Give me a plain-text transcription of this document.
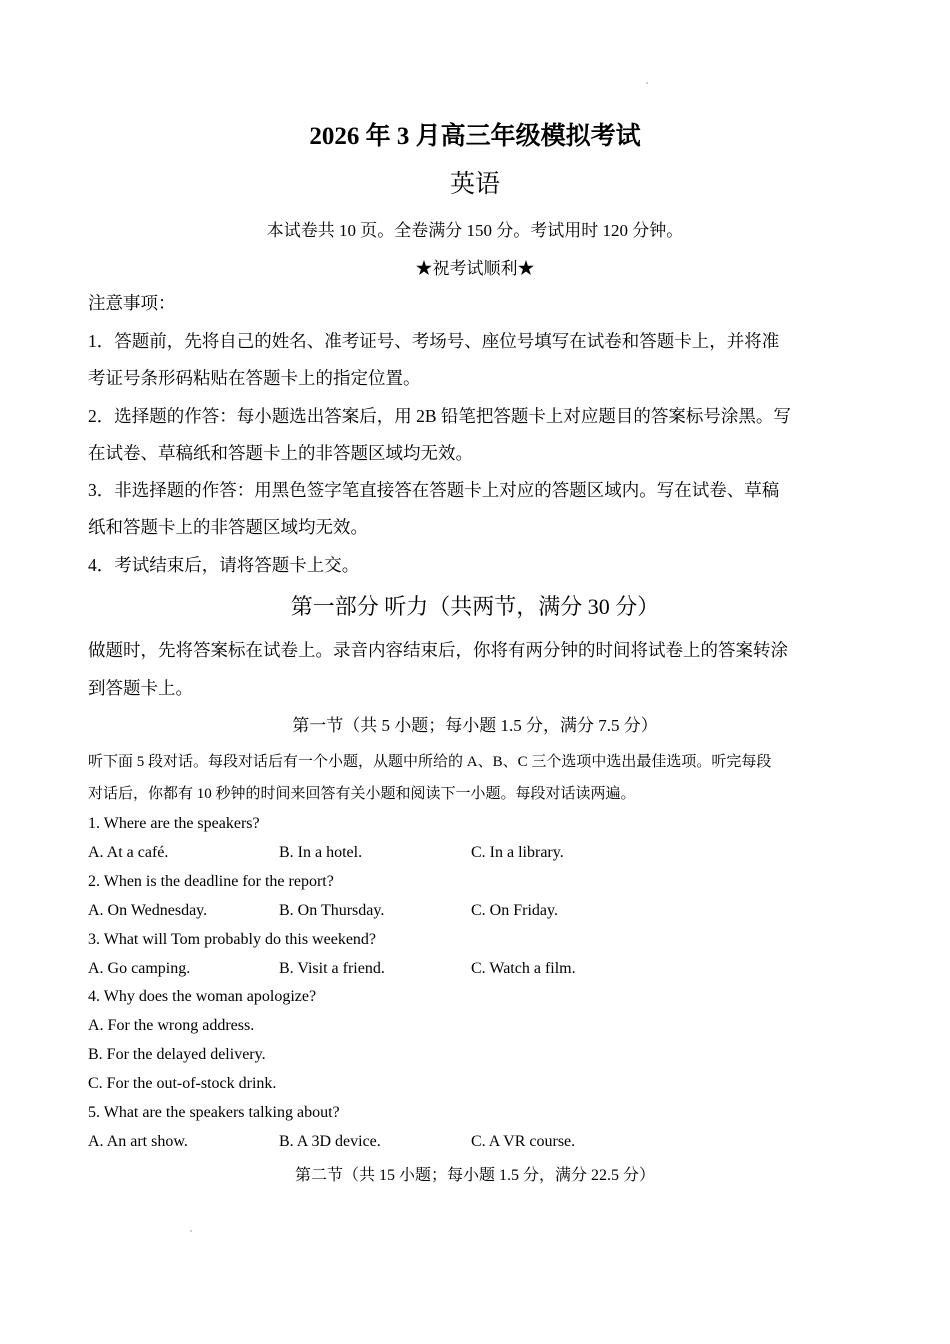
2026 年 3 月高三年级模拟考试
英语
本试卷共 10 页。全卷满分 150 分。考试用时 120 分钟。
★祝考试顺利★
注意事项：
1．答题前，先将自己的姓名、准考证号、考场号、座位号填写在试卷和答题卡上，并将准
考证号条形码粘贴在答题卡上的指定位置。
2．选择题的作答：每小题选出答案后，用 2B 铅笔把答题卡上对应题目的答案标号涂黑。写
在试卷、草稿纸和答题卡上的非答题区域均无效。
3．非选择题的作答：用黑色签字笔直接答在答题卡上对应的答题区域内。写在试卷、草稿
纸和答题卡上的非答题区域均无效。
4．考试结束后，请将答题卡上交。
第一部分 听力（共两节，满分 30 分）
做题时，先将答案标在试卷上。录音内容结束后，你将有两分钟的时间将试卷上的答案转涂
到答题卡上。
第一节（共 5 小题；每小题 1.5 分，满分 7.5 分）
听下面 5 段对话。每段对话后有一个小题，从题中所给的 A、B、C 三个选项中选出最佳选项。听完每段
对话后，你都有 10 秒钟的时间来回答有关小题和阅读下一小题。每段对话读两遍。
1. Where are the speakers?
A. At a café.	B. In a hotel.	C. In a library.
2. When is the deadline for the report?
A. On Wednesday.	B. On Thursday.	C. On Friday.
3. What will Tom probably do this weekend?
A. Go camping.	B. Visit a friend.	C. Watch a film.
4. Why does the woman apologize?
A. For the wrong address.
B. For the delayed delivery.
C. For the out-of-stock drink.
5. What are the speakers talking about?
A. An art show.	B. A 3D device.	C. A VR course.
第二节（共 15 小题；每小题 1.5 分，满分 22.5 分）
